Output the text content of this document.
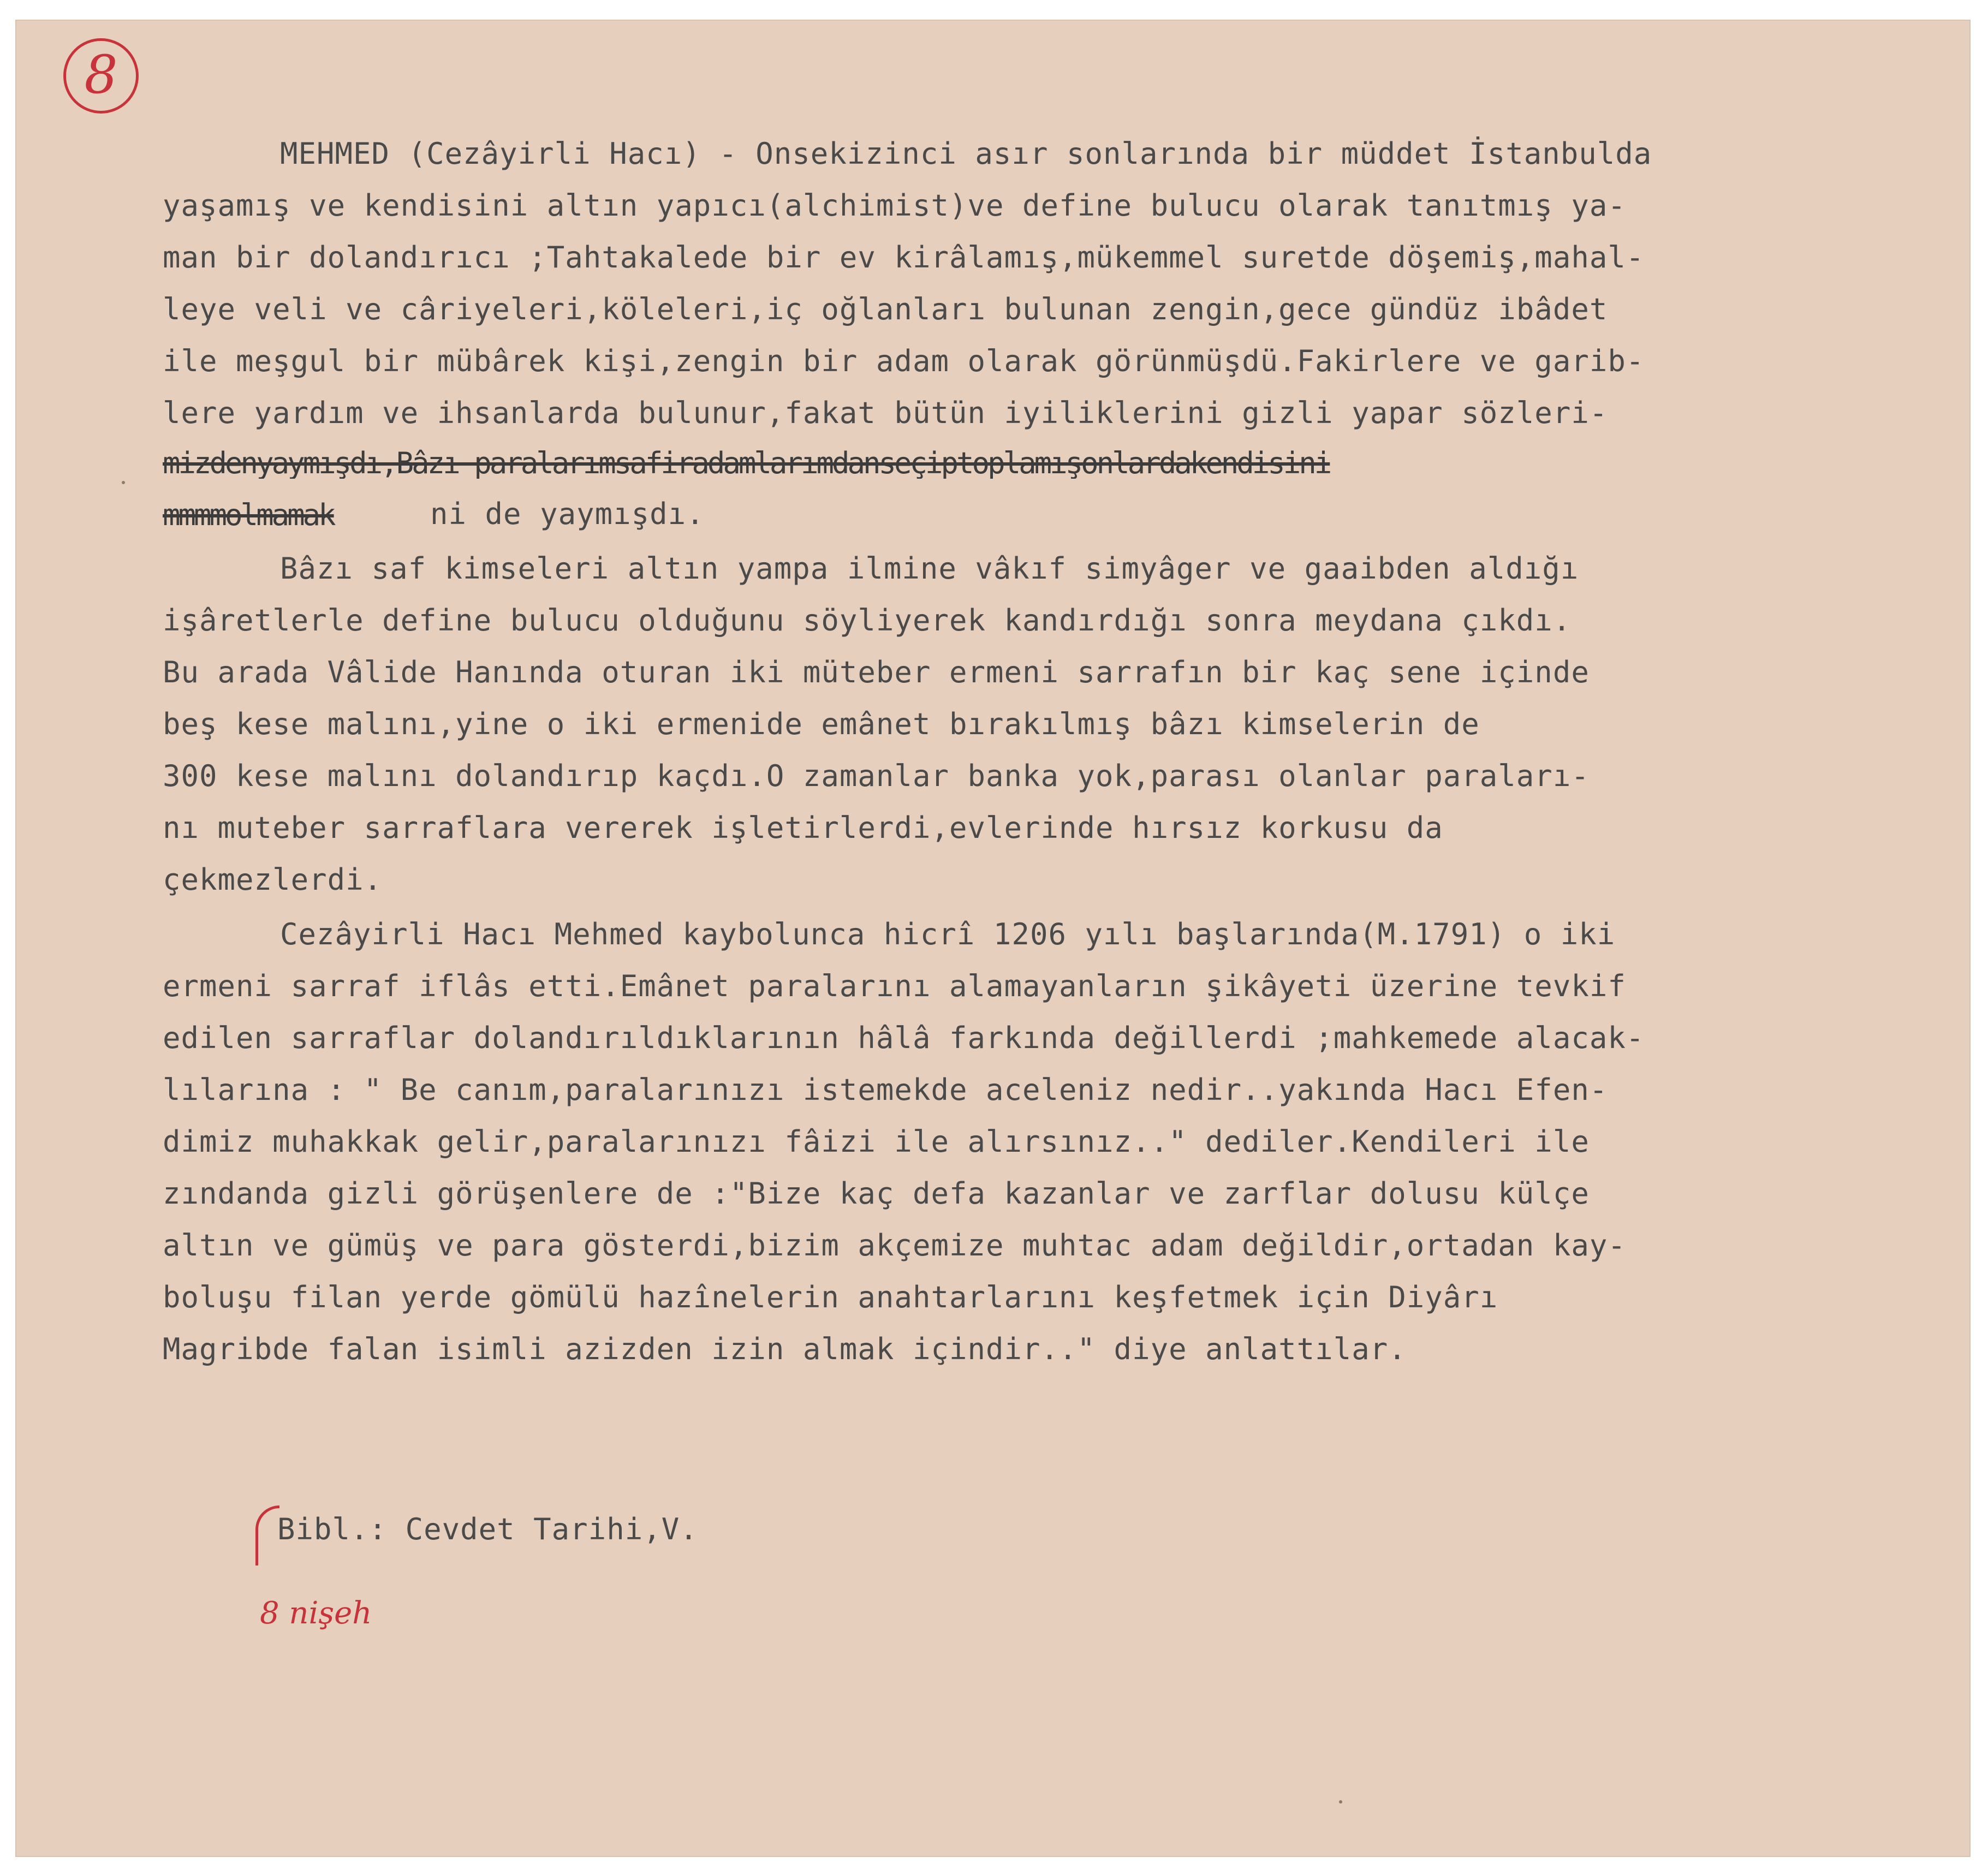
8
MEHMED (Cezâyirli Hacı) - Onsekizinci asır sonlarında bir müddet İstanbulda
yaşamış ve kendisini altın yapıcı(alchimist)ve define bulucu olarak tanıtmış ya-
man bir dolandırıcı ;Tahtakalede bir ev kirâlamış,mükemmel suretde döşemiş,mahal-
leye veli ve câriyeleri,köleleri,iç oğlanları bulunan zengin,gece gündüz ibâdet
ile meşgul bir mübârek kişi,zengin bir adam olarak görünmüşdü.Fakirlere ve garib-
lere yardım ve ihsanlarda bulunur,fakat bütün iyiliklerini gizli yapar sözleri-
mizdenyaymışdı,Bâzı paralarımsafiradamlarımdanseçiptoplamışonlardakendisini
mmmmolmamak	ni de yaymışdı.
Bâzı saf kimseleri altın yampa ilmine vâkıf simyâger ve gaaibden aldığı
işâretlerle define bulucu olduğunu söyliyerek kandırdığı sonra meydana çıkdı.
Bu arada Vâlide Hanında oturan iki müteber ermeni sarrafın bir kaç sene içinde
beş kese malını,yine o iki ermenide emânet bırakılmış bâzı kimselerin de
300 kese malını dolandırıp kaçdı.O zamanlar banka yok,parası olanlar paraları-
nı muteber sarraflara vererek işletirlerdi,evlerinde hırsız korkusu da
çekmezlerdi.
Cezâyirli Hacı Mehmed kaybolunca hicrî 1206 yılı başlarında(M.1791) o iki
ermeni sarraf iflâs etti.Emânet paralarını alamayanların şikâyeti üzerine tevkif
edilen sarraflar dolandırıldıklarının hâlâ farkında değillerdi ;mahkemede alacak-
lılarına : " Be canım,paralarınızı istemekde aceleniz nedir..yakında Hacı Efen-
dimiz muhakkak gelir,paralarınızı fâizi ile alırsınız.." dediler.Kendileri ile
zındanda gizli görüşenlere de :"Bize kaç defa kazanlar ve zarflar dolusu külçe
altın ve gümüş ve para gösterdi,bizim akçemize muhtac adam değildir,ortadan kay-
boluşu filan yerde gömülü hazînelerin anahtarlarını keşfetmek için Diyârı
Magribde falan isimli azizden izin almak içindir.." diye anlattılar.
Bibl.: Cevdet Tarihi,V.
8 nişeh
